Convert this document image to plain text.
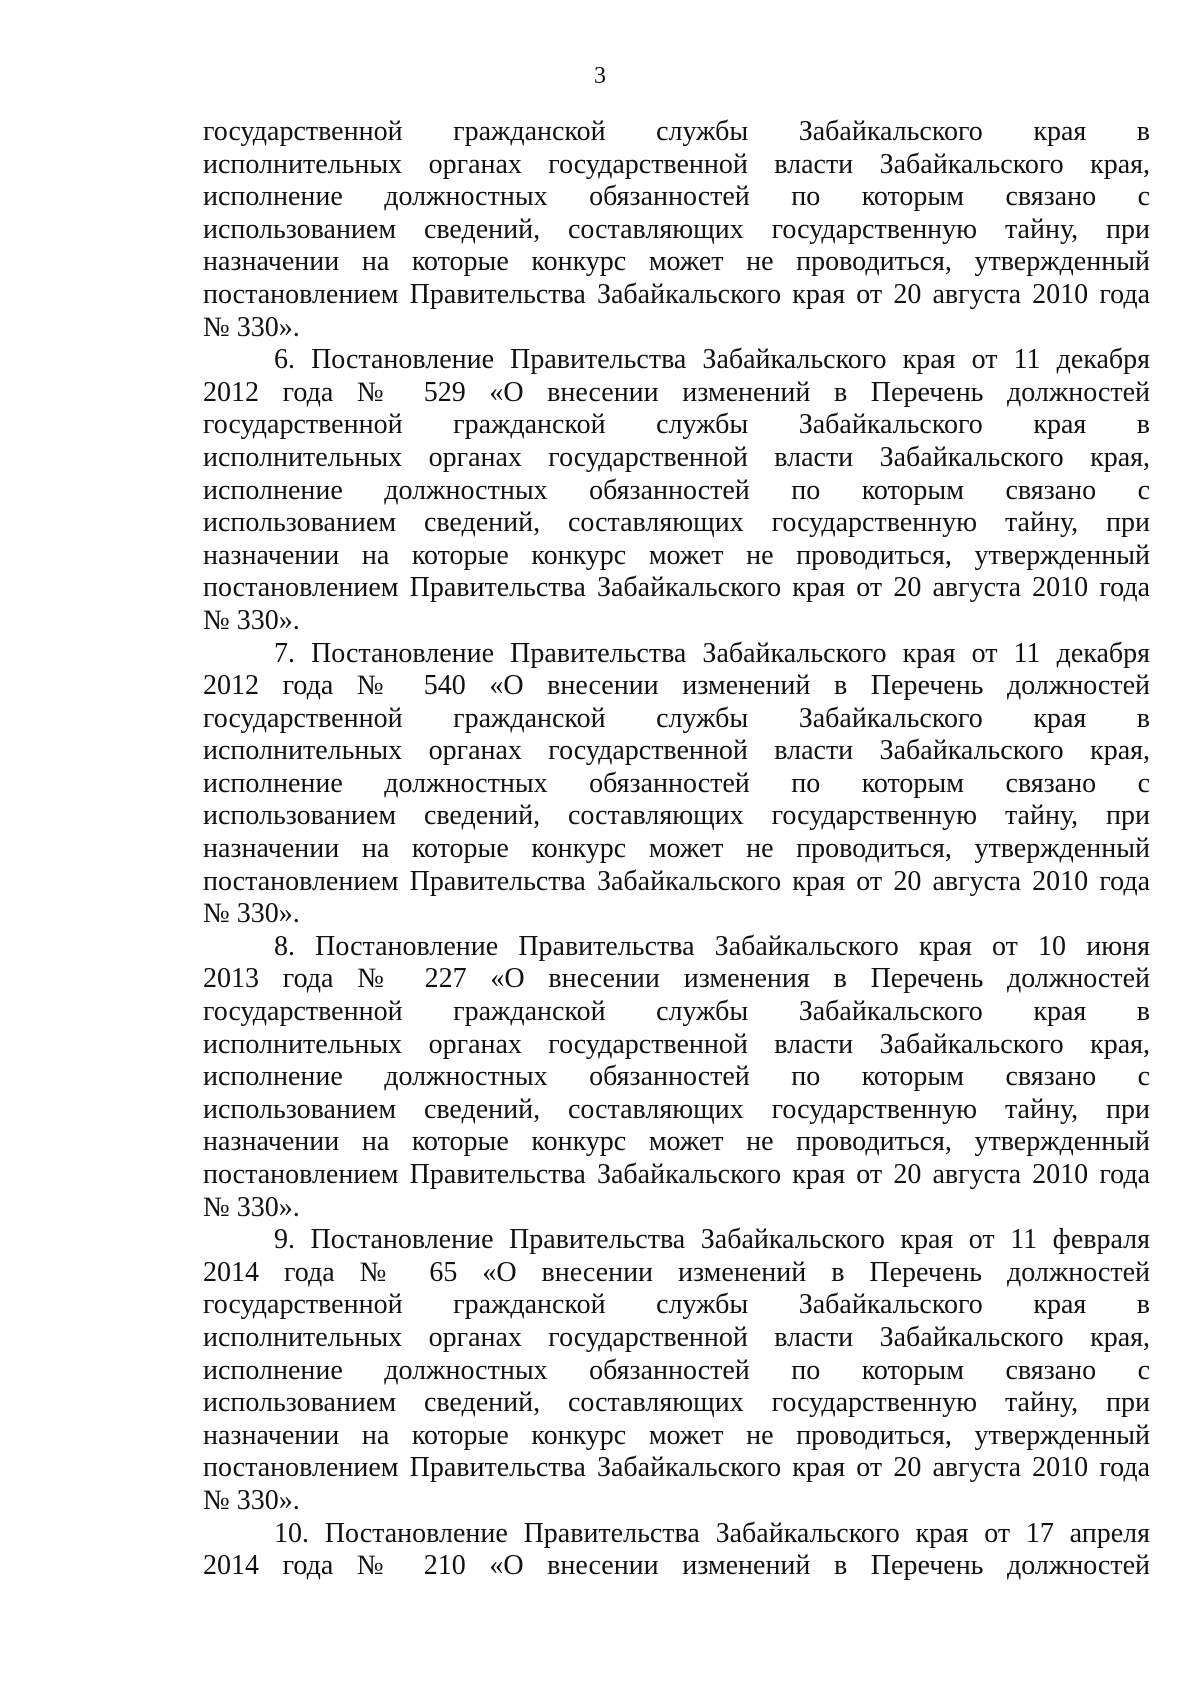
3
государственной гражданской службы Забайкальского края в
исполнительных органах государственной власти Забайкальского края,
исполнение должностных обязанностей по которым связано с
использованием сведений, составляющих государственную тайну, при
назначении на которые конкурс может не проводиться, утвержденный
постановлением Правительства Забайкальского края от 20 августа 2010 года
№ 330».
6. Постановление Правительства Забайкальского края от 11 декабря
2012 года № 529 «О внесении изменений в Перечень должностей
государственной гражданской службы Забайкальского края в
исполнительных органах государственной власти Забайкальского края,
исполнение должностных обязанностей по которым связано с
использованием сведений, составляющих государственную тайну, при
назначении на которые конкурс может не проводиться, утвержденный
постановлением Правительства Забайкальского края от 20 августа 2010 года
№ 330».
7. Постановление Правительства Забайкальского края от 11 декабря
2012 года № 540 «О внесении изменений в Перечень должностей
государственной гражданской службы Забайкальского края в
исполнительных органах государственной власти Забайкальского края,
исполнение должностных обязанностей по которым связано с
использованием сведений, составляющих государственную тайну, при
назначении на которые конкурс может не проводиться, утвержденный
постановлением Правительства Забайкальского края от 20 августа 2010 года
№ 330».
8. Постановление Правительства Забайкальского края от 10 июня
2013 года № 227 «О внесении изменения в Перечень должностей
государственной гражданской службы Забайкальского края в
исполнительных органах государственной власти Забайкальского края,
исполнение должностных обязанностей по которым связано с
использованием сведений, составляющих государственную тайну, при
назначении на которые конкурс может не проводиться, утвержденный
постановлением Правительства Забайкальского края от 20 августа 2010 года
№ 330».
9. Постановление Правительства Забайкальского края от 11 февраля
2014 года № 65 «О внесении изменений в Перечень должностей
государственной гражданской службы Забайкальского края в
исполнительных органах государственной власти Забайкальского края,
исполнение должностных обязанностей по которым связано с
использованием сведений, составляющих государственную тайну, при
назначении на которые конкурс может не проводиться, утвержденный
постановлением Правительства Забайкальского края от 20 августа 2010 года
№ 330».
10. Постановление Правительства Забайкальского края от 17 апреля
2014 года № 210 «О внесении изменений в Перечень должностей
